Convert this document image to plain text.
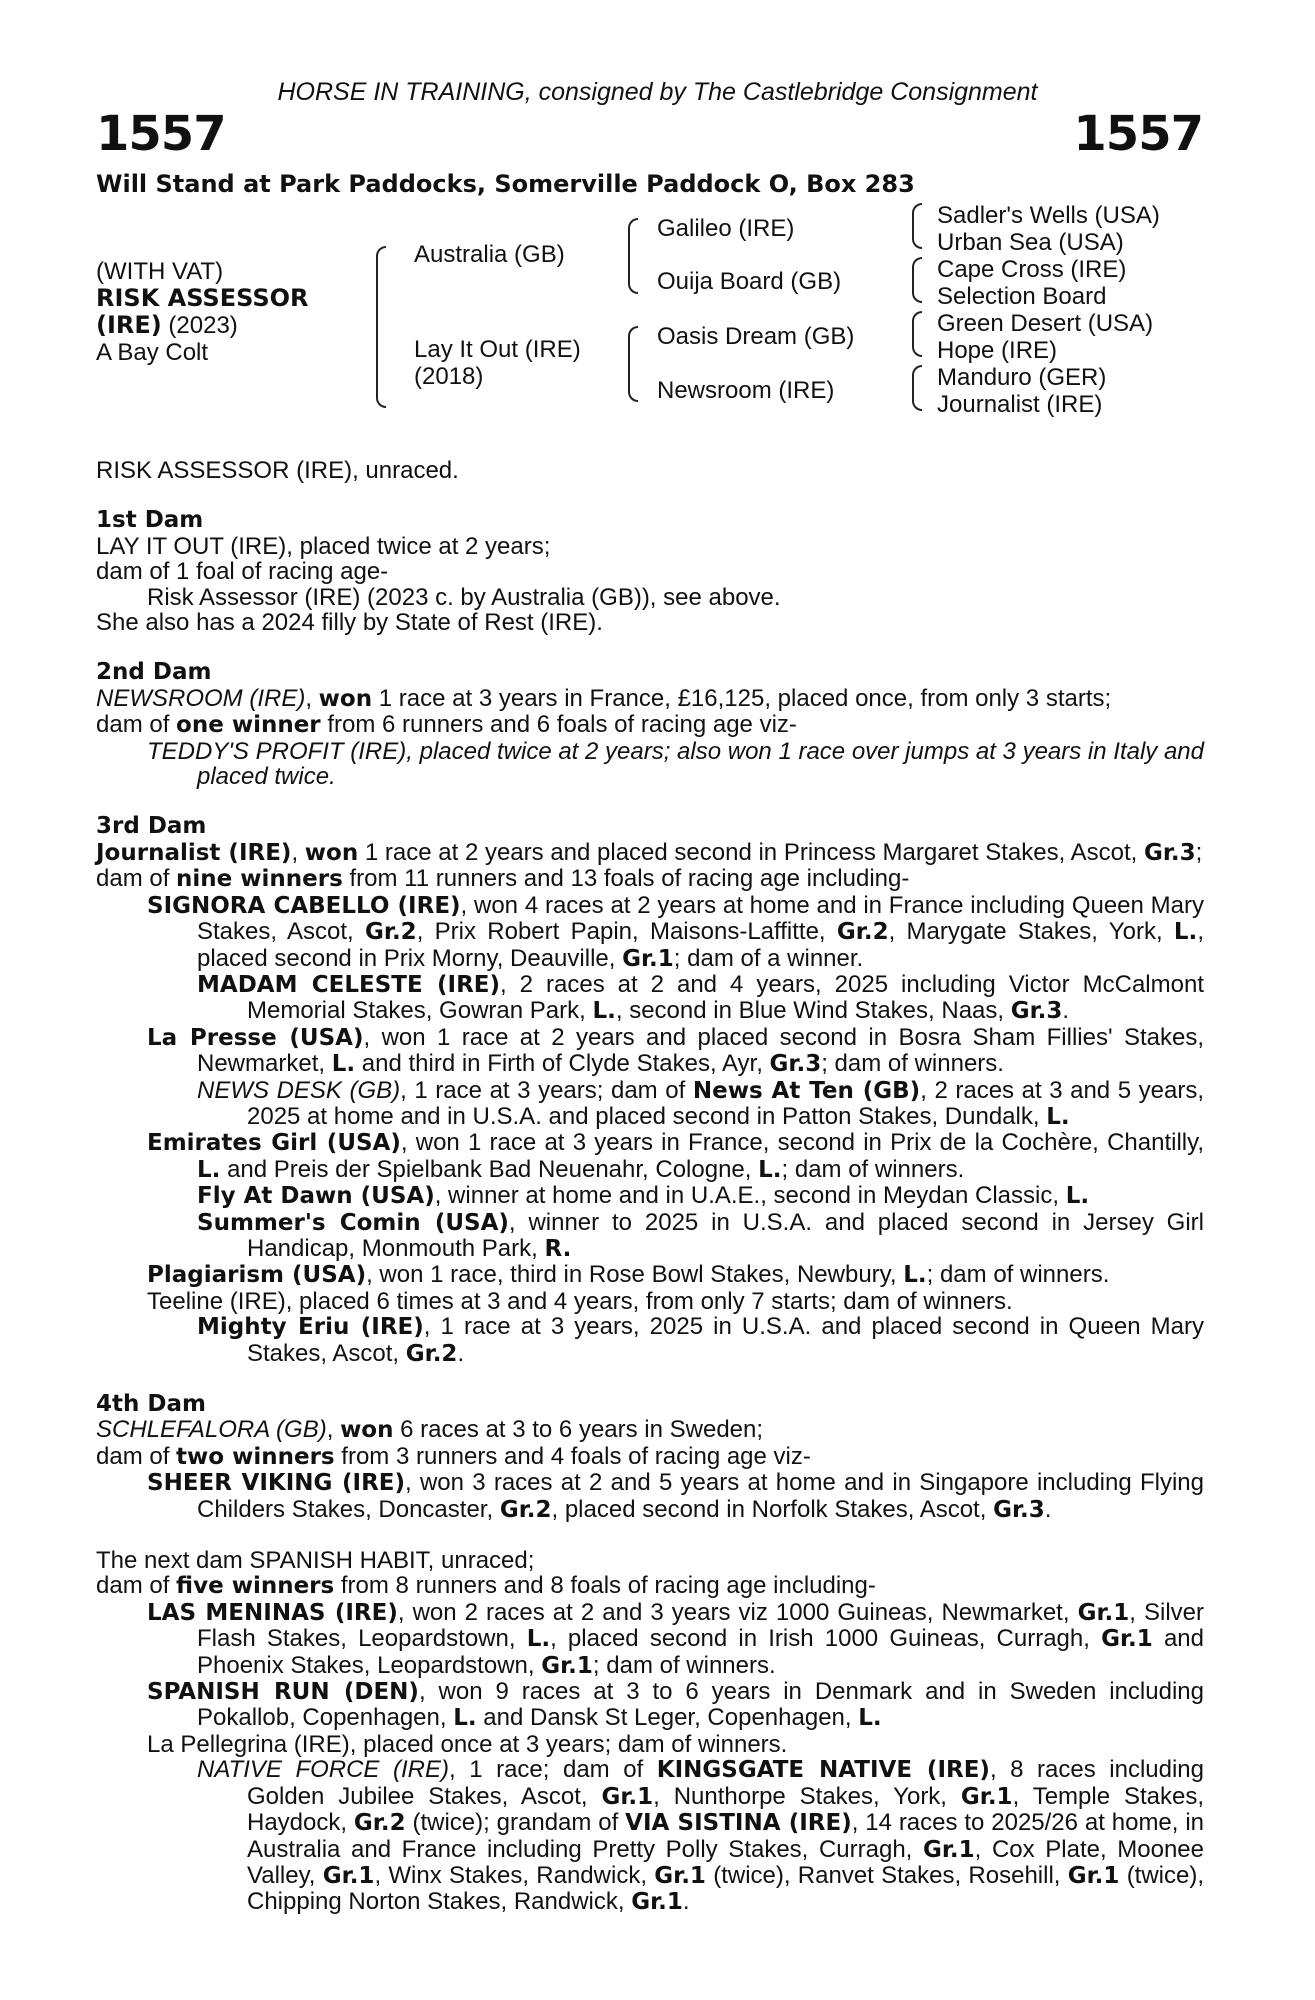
HORSE IN TRAINING, consigned by The Castlebridge Consignment
1557	1557
Will Stand at Park Paddocks, Somerville Paddock O, Box 283
(WITH VAT)
RISK ASSESSOR
(IRE) (2023)
A Bay Colt
Australia (GB)
Lay It Out (IRE)
(2018)
Galileo (IRE)
Ouija Board (GB)
Oasis Dream (GB)
Newsroom (IRE)
Sadler's Wells (USA)
Urban Sea (USA)
Cape Cross (IRE)
Selection Board
Green Desert (USA)
Hope (IRE)
Manduro (GER)
Journalist (IRE)

RISK ASSESSOR (IRE), unraced.

1st Dam

LAY IT OUT (IRE), placed twice at 2 years;

dam of 1 foal of racing age-

Risk Assessor (IRE) (2023 c. by Australia (GB)), see above.

She also has a 2024 filly by State of Rest (IRE).

2nd Dam

NEWSROOM (IRE), won 1 race at 3 years in France, £16,125, placed once, from only 3 starts;

dam of one winner from 6 runners and 6 foals of racing age viz-

TEDDY'S PROFIT (IRE), placed twice at 2 years; also won 1 race over jumps at 3 years in Italy and placed twice.

3rd Dam

Journalist (IRE), won 1 race at 2 years and placed second in Princess Margaret Stakes, Ascot, Gr.3;

dam of nine winners from 11 runners and 13 foals of racing age including-

SIGNORA CABELLO (IRE), won 4 races at 2 years at home and in France including Queen Mary Stakes, Ascot, Gr.2, Prix Robert Papin, Maisons-Laffitte, Gr.2, Marygate Stakes, York, L., placed second in Prix Morny, Deauville, Gr.1; dam of a winner.

MADAM CELESTE (IRE), 2 races at 2 and 4 years, 2025 including Victor McCalmont Memorial Stakes, Gowran Park, L., second in Blue Wind Stakes, Naas, Gr.3.

La Presse (USA), won 1 race at 2 years and placed second in Bosra Sham Fillies' Stakes, Newmarket, L. and third in Firth of Clyde Stakes, Ayr, Gr.3; dam of winners.

NEWS DESK (GB), 1 race at 3 years; dam of News At Ten (GB), 2 races at 3 and 5 years, 2025 at home and in U.S.A. and placed second in Patton Stakes, Dundalk, L.

Emirates Girl (USA), won 1 race at 3 years in France, second in Prix de la Cochère, Chantilly, L. and Preis der Spielbank Bad Neuenahr, Cologne, L.; dam of winners.

Fly At Dawn (USA), winner at home and in U.A.E., second in Meydan Classic, L.

Summer's Comin (USA), winner to 2025 in U.S.A. and placed second in Jersey Girl Handicap, Monmouth Park, R.

Plagiarism (USA), won 1 race, third in Rose Bowl Stakes, Newbury, L.; dam of winners.

Teeline (IRE), placed 6 times at 3 and 4 years, from only 7 starts; dam of winners.

Mighty Eriu (IRE), 1 race at 3 years, 2025 in U.S.A. and placed second in Queen Mary Stakes, Ascot, Gr.2.

4th Dam

SCHLEFALORA (GB), won 6 races at 3 to 6 years in Sweden;

dam of two winners from 3 runners and 4 foals of racing age viz-

SHEER VIKING (IRE), won 3 races at 2 and 5 years at home and in Singapore including Flying Childers Stakes, Doncaster, Gr.2, placed second in Norfolk Stakes, Ascot, Gr.3.

The next dam SPANISH HABIT, unraced;

dam of five winners from 8 runners and 8 foals of racing age including-

LAS MENINAS (IRE), won 2 races at 2 and 3 years viz 1000 Guineas, Newmarket, Gr.1, Silver Flash Stakes, Leopardstown, L., placed second in Irish 1000 Guineas, Curragh, Gr.1 and Phoenix Stakes, Leopardstown, Gr.1; dam of winners.

SPANISH RUN (DEN), won 9 races at 3 to 6 years in Denmark and in Sweden including Pokallob, Copenhagen, L. and Dansk St Leger, Copenhagen, L.

La Pellegrina (IRE), placed once at 3 years; dam of winners.

NATIVE FORCE (IRE), 1 race; dam of KINGSGATE NATIVE (IRE), 8 races including Golden Jubilee Stakes, Ascot, Gr.1, Nunthorpe Stakes, York, Gr.1, Temple Stakes, Haydock, Gr.2 (twice); grandam of VIA SISTINA (IRE), 14 races to 2025/26 at home, in Australia and France including Pretty Polly Stakes, Curragh, Gr.1, Cox Plate, Moonee Valley, Gr.1, Winx Stakes, Randwick, Gr.1 (twice), Ranvet Stakes, Rosehill, Gr.1 (twice), Chipping Norton Stakes, Randwick, Gr.1.
